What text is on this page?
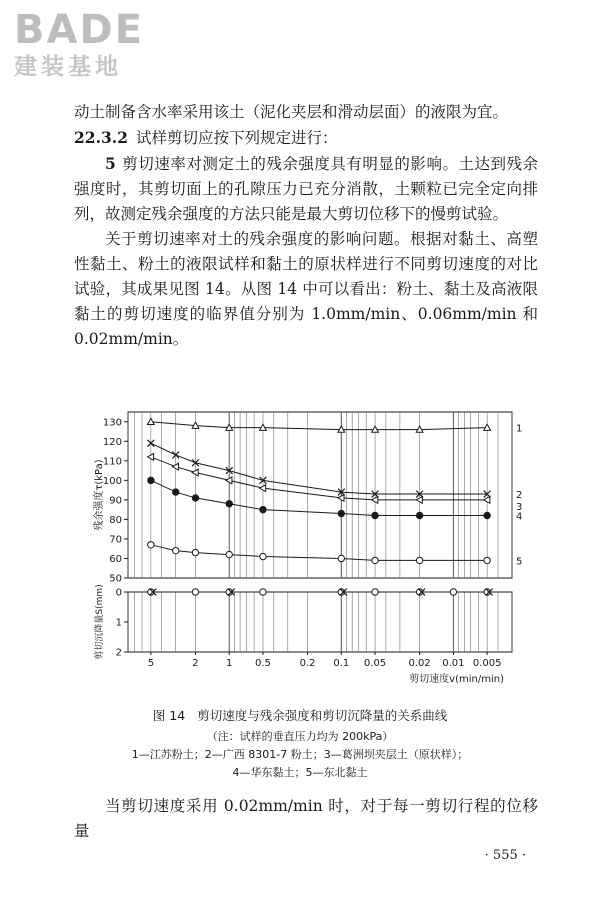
BADE
建装基地

动土制备含水率采用该土（泥化夹层和滑动层面）的液限为宜。

22.3.2 试样剪切应按下列规定进行：

5 剪切速率对测定土的残余强度具有明显的影响。土达到残余强度时，其剪切面上的孔隙压力已充分消散，土颗粒已完全定向排列，故测定残余强度的方法只能是最大剪切位移下的慢剪试验。

关于剪切速率对土的残余强度的影响问题。根据对黏土、高塑性黏土、粉土的液限试样和黏土的原状样进行不同剪切速度的对比试验，其成果见图 14。从图 14 中可以看出：粉土、黏土及高液限黏土的剪切速度的临界值分别为 1.0mm/min、0.06mm/min 和 0.02mm/min。

50
60
70
80
90
100
110
120
130
残余强度τ(kPa)
1
2
3
4
5
0
1
2
剪切沉降量S(mm)
5	2	1 0.5	0.2 0.1 0.05 0.02 0.01 0.005
剪切速度v(min/min)
图 14 剪切速度与残余强度和剪切沉降量的关系曲线
（注：试样的垂直压力均为 200kPa）
1—江苏粉土；2—广西 8301-7 粉土；3—葛洲坝夹层土（原状样）；
4—华东黏土；5—东北黏土

当剪切速度采用 0.02mm/min 时，对于每一剪切行程的位移量

· 555 ·
